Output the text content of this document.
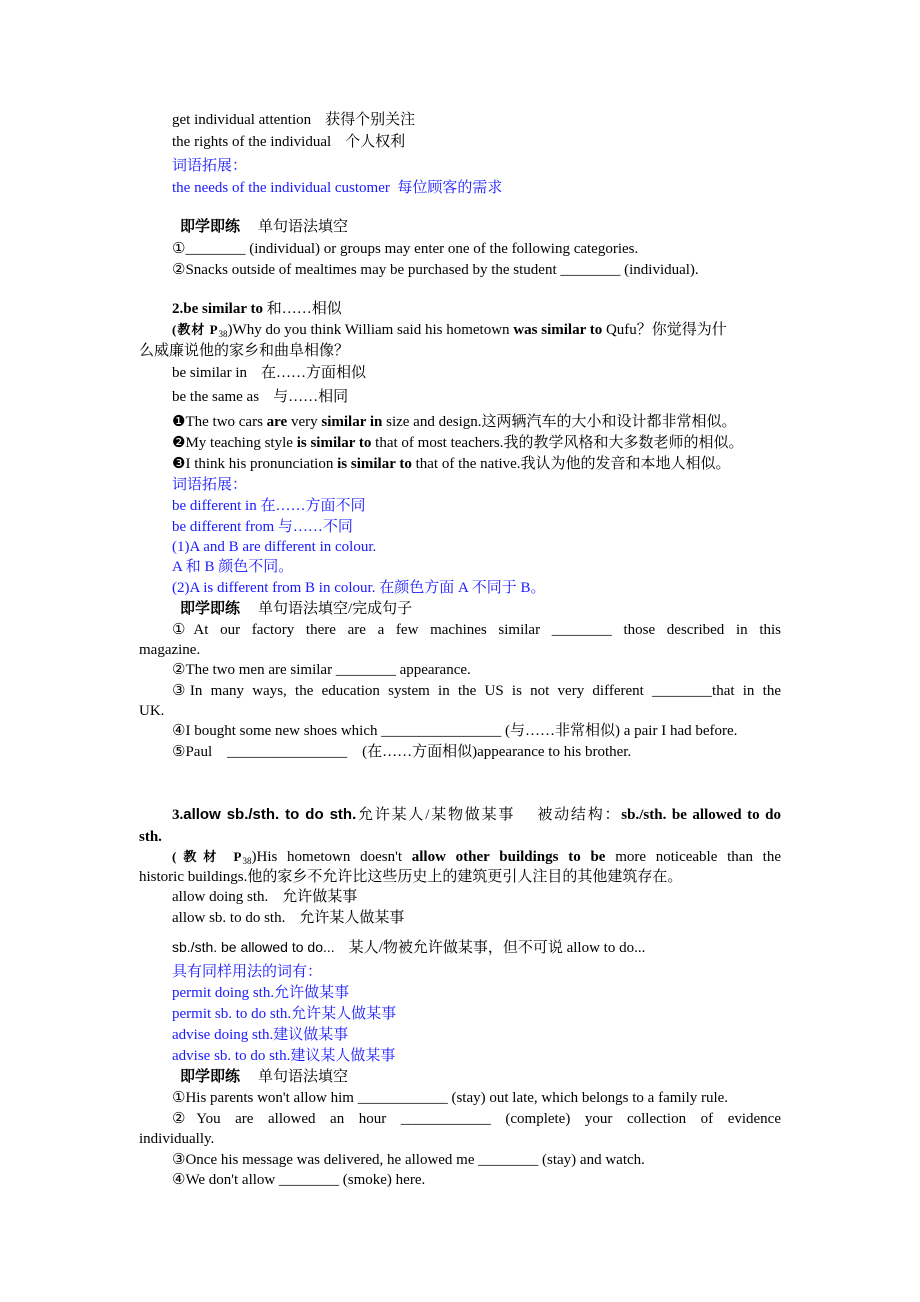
get individual attention 获得个别关注
the rights of the individual 个人权利
词语拓展：
the needs of the individual customer 每位顾客的需求
即学即练 单句语法填空
①________ (individual) or groups may enter one of the following categories.
②Snacks outside of mealtimes may be purchased by the student ________ (individual).
2.be similar to 和……相似
(教材 $P_{38})Why$ do you think William said his hometown was similar to Qufu？你觉得为什
么威廉说他的家乡和曲阜相像？
be similar in 在……方面相似
be the same as 与……相同
❶The two cars are very similar in size and design.这两辆汽车的大小和设计都非常相似。
❷My teaching style is similar to that of most teachers.我的教学风格和大多数老师的相似。
❸I think his pronunciation is similar to that of the native.我认为他的发音和本地人相似。
词语拓展：
be different in 在……方面不同
be different from 与……不同
(1)A and B are different in colour.
A 和 B 颜色不同。
(2)A is different from B in colour. 在颜色方面 A 不同于 B。
即学即练 单句语法填空/完成句子
①At our factory there are a few machines similar ________ those described in this
magazine.
②The two men are similar ________ appearance.
③In many ways, the education system in the US is not very different ________that in the
UK.
④I bought some new shoes which ________________ (与……非常相似) a pair I had before.
⑤Paul    ________________    (在……方面相似)appearance to his brother.
3.allow sb./sth. to do sth.允许某人/某物做某事 被动结构：sb./sth. be allowed to do
sth.
(教材 $P_{38})His$ hometown doesn't allow other buildings to be more noticeable than the
historic buildings.他的家乡不允许比这些历史上的建筑更引人注目的其他建筑存在。
allow doing sth. 允许做某事
allow sb. to do sth. 允许某人做某事
sb./sth. be allowed to do... 某人/物被允许做某事，但不可说 allow to do...
具有同样用法的词有：
permit doing sth.允许做某事
permit sb. to do sth.允许某人做某事
advise doing sth.建议做某事
advise sb. to do sth.建议某人做某事
即学即练 单句语法填空
①His parents won't allow him ____________ (stay) out late, which belongs to a family rule.
②You are allowed an hour ____________ (complete) your collection of evidence
individually.
③Once his message was delivered, he allowed me ________ (stay) and watch.
④We don't allow ________ (smoke) here.
